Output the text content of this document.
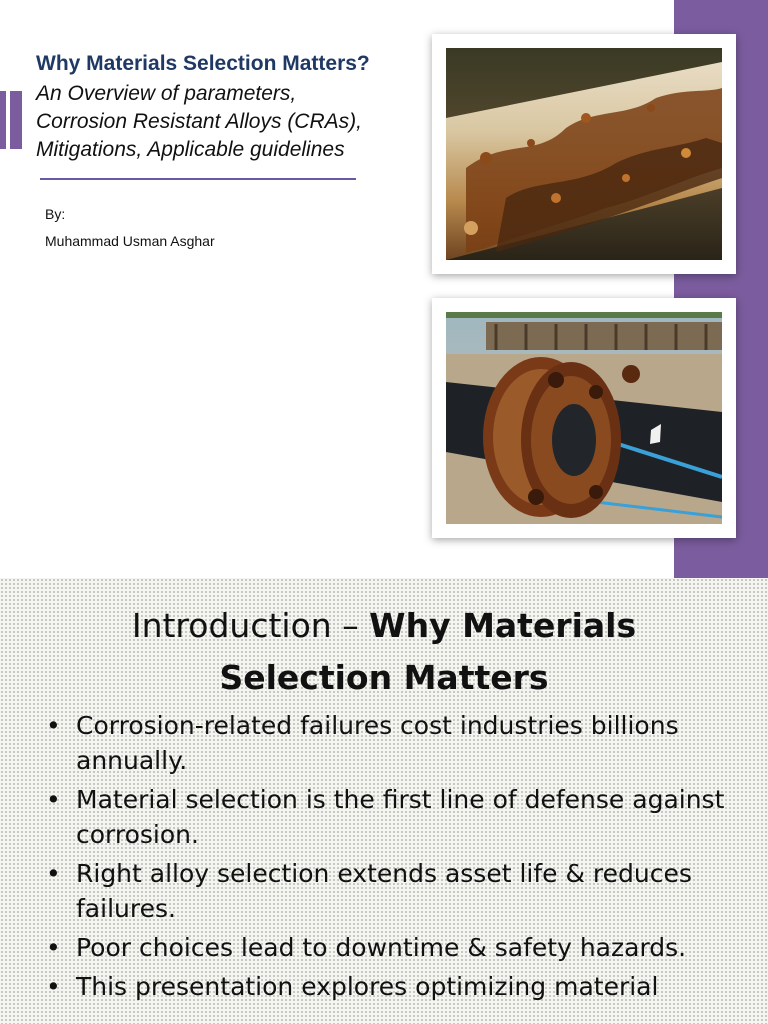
Why Materials Selection Matters?
An Overview of parameters,
Corrosion Resistant Alloys (CRAs),
Mitigations, Applicable guidelines
By:
Muhammad Usman Asghar
Introduction – Why Materials
Selection Matters
• Corrosion-related failures cost industries billions annually.
• Material selection is the first line of defense against corrosion.
• Right alloy selection extends asset life & reduces failures.
• Poor choices lead to downtime & safety hazards.
• This presentation explores optimizing material
